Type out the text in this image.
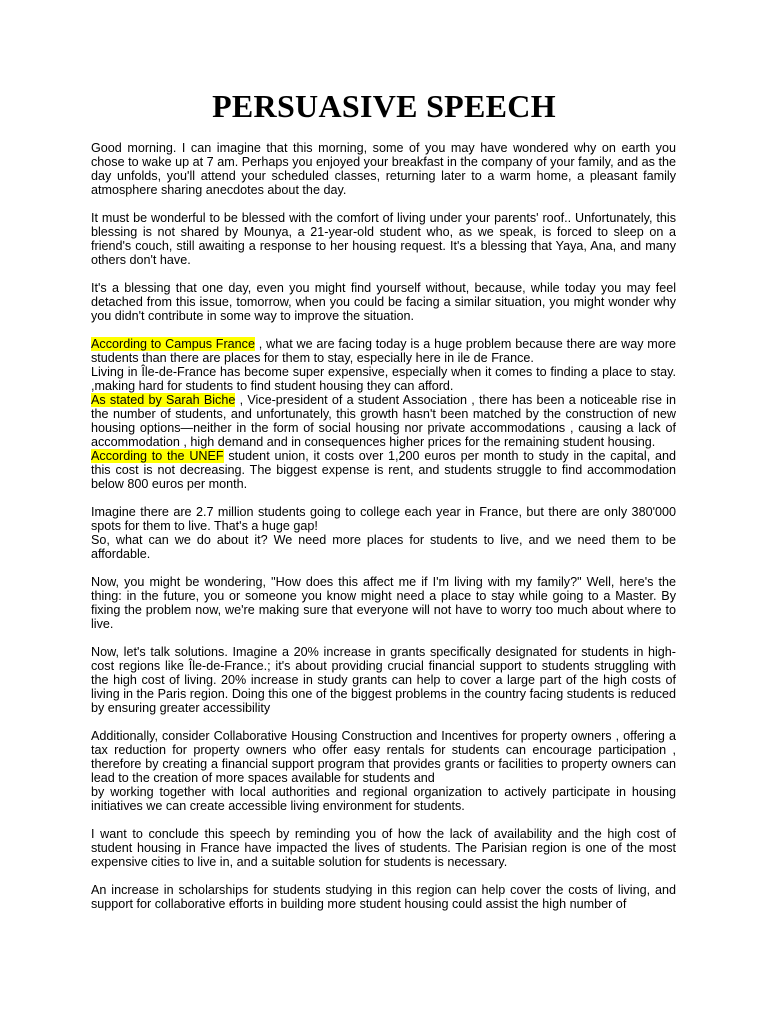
PERSUASIVE SPEECH

Good morning. I can imagine that this morning, some of you may have wondered why on earth you chose to wake up at 7 am. Perhaps you enjoyed your breakfast in the company of your family, and as the day unfolds, you'll attend your scheduled classes, returning later to a warm home, a pleasant family atmosphere sharing anecdotes about the day.

It must be wonderful to be blessed with the comfort of living under your parents' roof.. Unfortunately, this blessing is not shared by Mounya, a 21-year-old student who, as we speak, is forced to sleep on a friend's couch, still awaiting a response to her housing request. It's a blessing that Yaya, Ana, and many others don't have.

It's a blessing that one day, even you might find yourself without, because, while today you may feel detached from this issue, tomorrow, when you could be facing a similar situation, you might wonder why you didn't contribute in some way to improve the situation.

According to Campus France , what we are facing today is a huge problem because there are way more students than there are places for them to stay, especially here in ile de France.

Living in Île-de-France has become super expensive, especially when it comes to finding a place to stay. ,making hard for students to find student housing they can afford.

As stated by Sarah Biche , Vice-president of a student Association , there has been a noticeable rise in the number of students, and unfortunately, this growth hasn't been matched by the construction of new housing options—neither in the form of social housing nor private accommodations , causing a lack of accommodation , high demand and in consequences higher prices for the remaining student housing.

According to the UNEF student union, it costs over 1,200 euros per month to study in the capital, and this cost is not decreasing. The biggest expense is rent, and students struggle to find accommodation below 800 euros per month.

Imagine there are 2.7 million students going to college each year in France, but there are only 380'000 spots for them to live. That's a huge gap!

So, what can we do about it? We need more places for students to live, and we need them to be affordable.

Now, you might be wondering, "How does this affect me if I'm living with my family?" Well, here's the thing: in the future, you or someone you know might need a place to stay while going to a Master. By fixing the problem now, we're making sure that everyone will not have to worry too much about where to live.

Now, let's talk solutions. Imagine a 20% increase in grants specifically designated for students in high-cost regions like Île-de-France.; it's about providing crucial financial support to students struggling with the high cost of living. 20% increase in study grants can help to cover a large part of the high costs of living in the Paris region. Doing this one of the biggest problems in the country facing students is reduced by ensuring greater accessibility

Additionally, consider Collaborative Housing Construction and Incentives for property owners , offering a tax reduction for property owners who offer easy rentals for students can encourage participation , therefore by creating a financial support program that provides grants or facilities to property owners can lead to the creation of more spaces available for students and

by working together with local authorities and regional organization to actively participate in housing initiatives we can create accessible living environment for students.

I want to conclude this speech by reminding you of how the lack of availability and the high cost of student housing in France have impacted the lives of students. The Parisian region is one of the most expensive cities to live in, and a suitable solution for students is necessary.

An increase in scholarships for students studying in this region can help cover the costs of living, and support for collaborative efforts in building more student housing could assist the high number of
